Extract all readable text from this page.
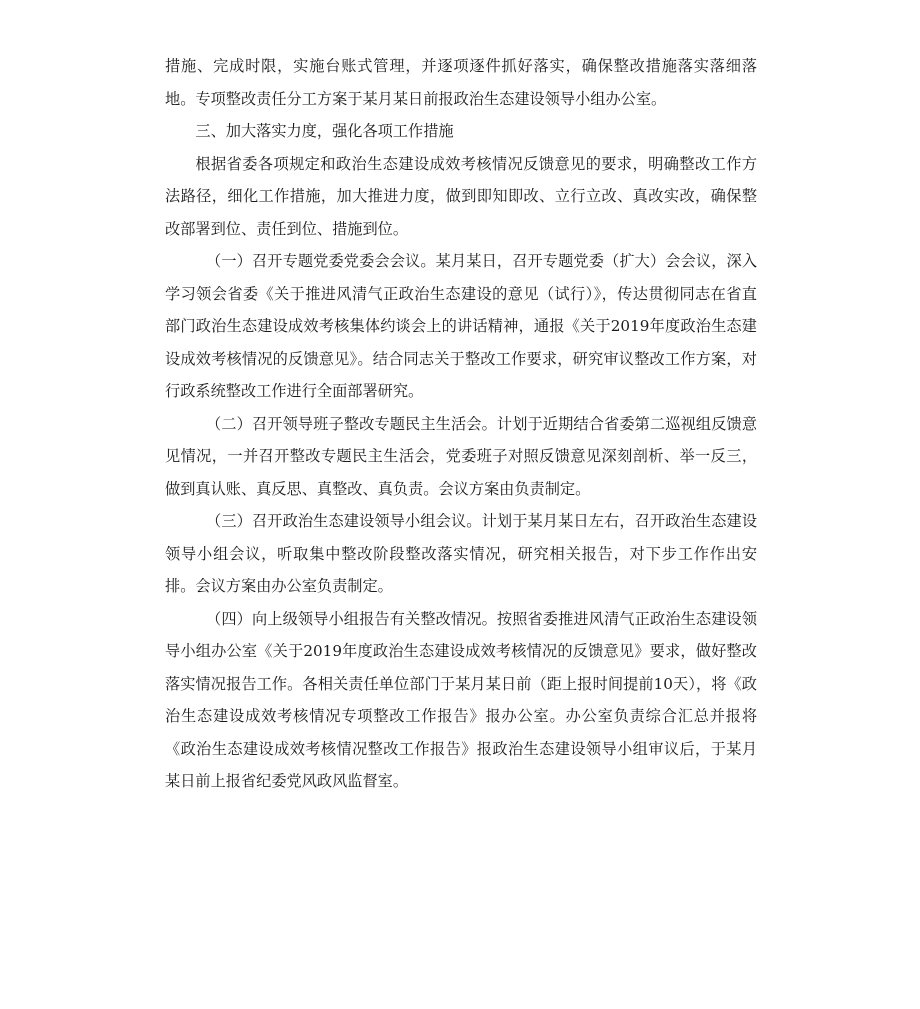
措施、完成时限，实施台账式管理，并逐项逐件抓好落实，确保整改措施落实落细落地。专项整改责任分工方案于某月某日前报政治生态建设领导小组办公室。

三、加大落实力度，强化各项工作措施

根据省委各项规定和政治生态建设成效考核情况反馈意见的要求，明确整改工作方法路径，细化工作措施，加大推进力度，做到即知即改、立行立改、真改实改，确保整改部署到位、责任到位、措施到位。

（一）召开专题党委党委会会议。某月某日，召开专题党委（扩大）会会议，深入学习领会省委《关于推进风清气正政治生态建设的意见（试行）》，传达贯彻同志在省直部门政治生态建设成效考核集体约谈会上的讲话精神，通报《关于2019年度政治生态建设成效考核情况的反馈意见》。结合同志关于整改工作要求，研究审议整改工作方案，对行政系统整改工作进行全面部署研究。

（二）召开领导班子整改专题民主生活会。计划于近期结合省委第二巡视组反馈意见情况，一并召开整改专题民主生活会，党委班子对照反馈意见深刻剖析、举一反三，做到真认账、真反思、真整改、真负责。会议方案由负责制定。

（三）召开政治生态建设领导小组会议。计划于某月某日左右，召开政治生态建设领导小组会议，听取集中整改阶段整改落实情况，研究相关报告，对下步工作作出安排。会议方案由办公室负责制定。

（四）向上级领导小组报告有关整改情况。按照省委推进风清气正政治生态建设领导小组办公室《关于2019年度政治生态建设成效考核情况的反馈意见》要求，做好整改落实情况报告工作。各相关责任单位部门于某月某日前（距上报时间提前10天），将《政治生态建设成效考核情况专项整改工作报告》报办公室。办公室负责综合汇总并报将《政治生态建设成效考核情况整改工作报告》报政治生态建设领导小组审议后，于某月某日前上报省纪委党风政风监督室。
